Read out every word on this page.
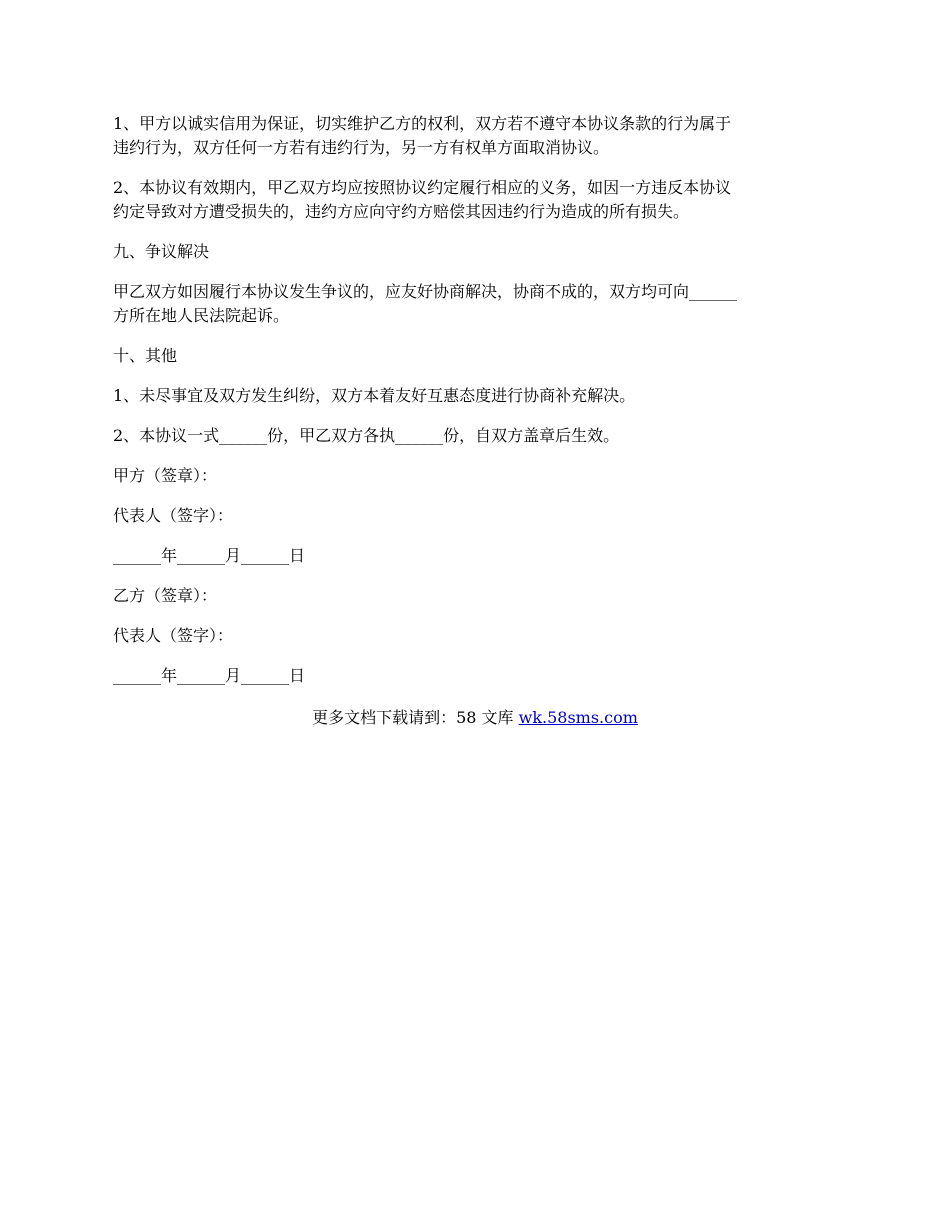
1、甲方以诚实信用为保证，切实维护乙方的权利，双方若不遵守本协议条款的行为属于
违约行为，双方任何一方若有违约行为，另一方有权单方面取消协议。

2、本协议有效期内，甲乙双方均应按照协议约定履行相应的义务，如因一方违反本协议
约定导致对方遭受损失的，违约方应向守约方赔偿其因违约行为造成的所有损失。

九、争议解决

甲乙双方如因履行本协议发生争议的，应友好协商解决，协商不成的，双方均可向______
方所在地人民法院起诉。

十、其他

1、未尽事宜及双方发生纠纷，双方本着友好互惠态度进行协商补充解决。

2、本协议一式______份，甲乙双方各执______份，自双方盖章后生效。

甲方（签章）：

代表人（签字）：

______年______月______日

乙方（签章）：

代表人（签字）：

______年______月______日

更多文档下载请到：58 文库 wk.58sms.com
